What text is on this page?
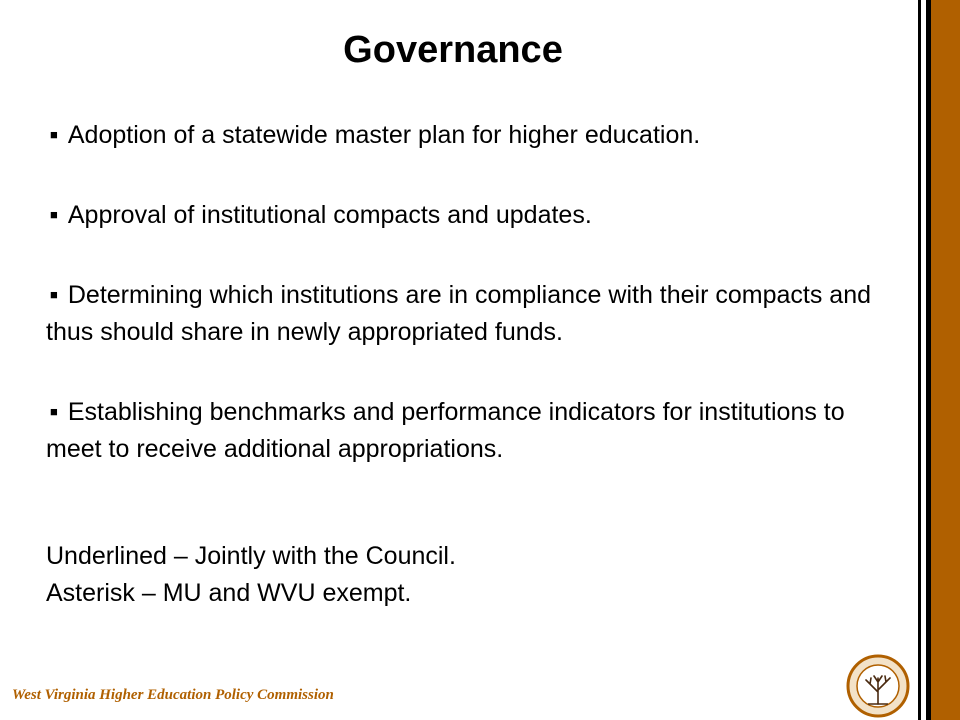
Governance
■ Adoption of a statewide master plan for higher education.
■ Approval of institutional compacts and updates.
■ Determining which institutions are in compliance with their compacts and thus should share in newly appropriated funds.
■ Establishing benchmarks and performance indicators for institutions to meet to receive additional appropriations.
Underlined – Jointly with the Council.
Asterisk – MU and WVU exempt.
West Virginia Higher Education Policy Commission
